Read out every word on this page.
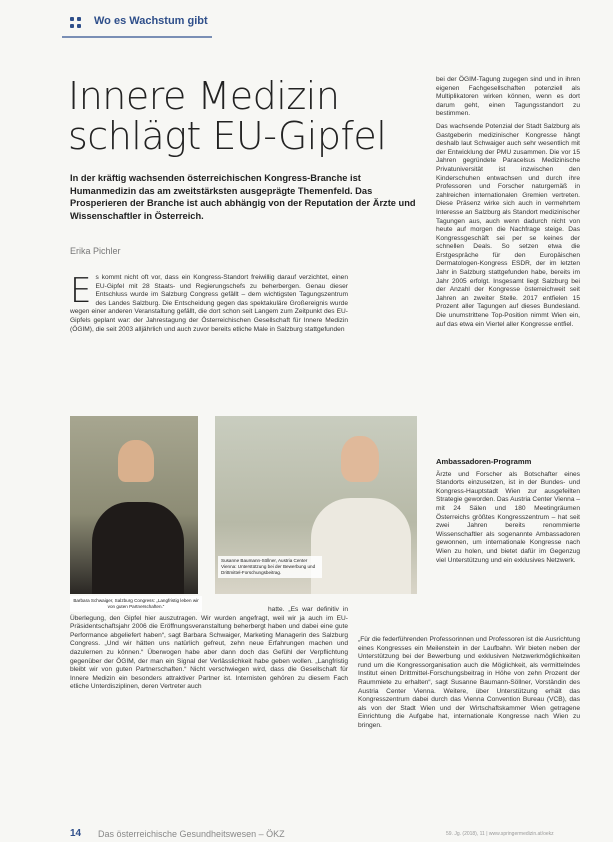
Wo es Wachstum gibt
Innere Medizin
schlägt EU-Gipfel
In der kräftig wachsenden österreichischen Kongress-Branche ist Humanmedizin das am zweitstärksten ausgeprägte Themenfeld. Das Prosperieren der Branche ist auch abhängig von der Reputation der Ärzte und Wissenschaftler in Österreich.
Erika Pichler
E s kommt nicht oft vor, dass ein Kongress-Standort freiwillig darauf verzichtet, einen EU-Gipfel mit 28 Staats- und Regierungschefs zu beherbergen. Genau dieser Entschluss wurde im Salzburg Congress gefällt – dem wichtigsten Tagungszentrum des Landes Salzburg. Die Entscheidung gegen das spektakuläre Großereignis wurde wegen einer anderen Veranstaltung gefällt, die dort schon seit Langem zum Zeitpunkt des EU-Gipfels geplant war: der Jahrestagung der Österreichischen Gesellschaft für Innere Medizin (ÖGIM), die seit 2003 alljährlich und auch zuvor bereits etliche Male in Salzburg stattgefunden
Barbara Schwaiger, Salzburg Congress: „Langfristig leben wir von guten Partnerschaften.“
Susanne Baumann-Söllner, Austria Center Vienna: Unterstützung bei der Bewerbung und Drittmittel-Forschungsbeitrag.
hatte. „Es war definitiv in Überlegung, den Gipfel hier auszutragen. Wir wurden angefragt, weil wir ja auch im EU-Präsidentschaftsjahr 2006 die Eröffnungsveranstaltung beherbergt haben und dabei eine gute Performance abgeliefert haben“, sagt Barbara Schwaiger, Marketing Managerin des Salzburg Congress. „Und wir hätten uns natürlich gefreut, zehn neue Erfahrungen machen und dazulernen zu können.“ Überwogen habe aber dann doch das Gefühl der Verpflichtung gegenüber der ÖGIM, der man ein Signal der Verlässlichkeit habe geben wollen. „Langfristig bleibt wir von guten Partnerschaften.“ Nicht verschwiegen wird, dass die Gesellschaft für Innere Medizin ein besonders attraktiver Partner ist. Internisten gehören zu diesem Fach etliche Unterdisziplinen, deren Vertreter auch

bei der ÖGIM-Tagung zugegen sind und in ihren eigenen Fachgesellschaften potenziell als Multiplikatoren wirken können, wenn es dort darum geht, einen Tagungsstandort zu bestimmen.

Das wachsende Potenzial der Stadt Salzburg als Gastgeberin medizinischer Kongresse hängt deshalb laut Schwaiger auch sehr wesentlich mit der Entwicklung der PMU zusammen. Die vor 15 Jahren gegründete Paracelsus Medizinische Privatuniversität ist inzwischen den Kinderschuhen entwachsen und durch ihre Professoren und Forscher naturgemäß in zahlreichen internationalen Gremien vertreten. Diese Präsenz wirke sich auch in vermehrtem Interesse an Salzburg als Standort medizinischer Tagungen aus, auch wenn dadurch nicht von heute auf morgen die Nachfrage steige. Das Kongressgeschäft sei per se keines der schnellen Deals. So setzen etwa die Erstgespräche für den Europäischen Dermatologen-Kongress ESDR, der im letzten Jahr in Salzburg stattgefunden habe, bereits im Jahr 2005 erfolgt. Insgesamt liegt Salzburg bei der Anzahl der Kongresse österreichweit seit Jahren an zweiter Stelle. 2017 entfielen 15 Prozent aller Tagungen auf dieses Bundesland. Die unumstrittene Top-Position nimmt Wien ein, auf das etwa ein Viertel aller Kongresse entfiel.

Ambassadoren-Programm

Ärzte und Forscher als Botschafter eines Standorts einzusetzen, ist in der Bundes- und Kongress-Hauptstadt Wien zur ausgefeilten Strategie geworden. Das Austria Center Vienna – mit 24 Sälen und 180 Meetingräumen Österreichs größtes Kongresszentrum – hat seit zwei Jahren bereits renommierte Wissenschaftler als sogenannte Ambassadoren gewonnen, um internationale Kongresse nach Wien zu holen, und bietet dafür im Gegenzug viel Unterstützung und ein exklusives Netzwerk.

„Für die federführenden Professorinnen und Professoren ist die Ausrichtung eines Kongresses ein Meilenstein in der Laufbahn. Wir bieten neben der Unterstützung bei der Bewerbung und exklusiven Netzwerkmöglichkeiten rund um die Kongressorganisation auch die Möglichkeit, als vermittelndes Institut einen Drittmittel-Forschungsbeitrag in Höhe von zehn Prozent der Raummiete zu erhalten“, sagt Susanne Baumann-Söllner, Vorständin des Austria Center Vienna. Weitere, über Unterstützung erhält das Kongresszentrum dabei durch das Vienna Convention Bureau (VCB), das als von der Stadt Wien und der Wirtschaftskammer Wien getragene Einrichtung die Aufgabe hat, internationale Kongresse nach Wien zu bringen.

14 Das österreichische Gesundheitswesen – ÖKZ	59. Jg. (2018), 11 | www.springermedizin.at/oekz
